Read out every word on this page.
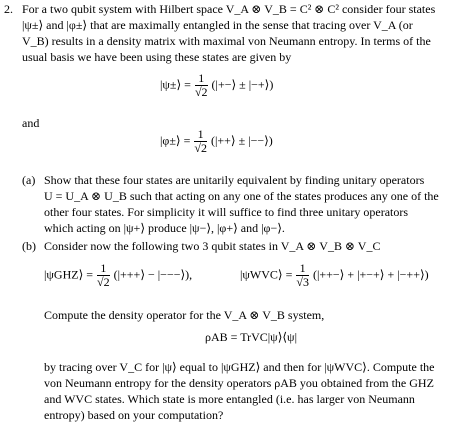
2. For a two qubit system with Hilbert space V_A ⊗ V_B = C² ⊗ C² consider four states
|ψ±⟩ and |φ±⟩ that are maximally entangled in the sense that tracing over V_A (or
V_B) results in a density matrix with maximal von Neumann entropy. In terms of the
usual basis we have been using these states are given by
|ψ±⟩ = $\frac{1}{√2}$ (|+−⟩ ± |−+⟩)
and
|φ±⟩ = $\frac{1}{√2}$ (|++⟩ ± |−−⟩)
(a) Show that these four states are unitarily equivalent by finding unitary operators
U = U_A ⊗ U_B such that acting on any one of the states produces any one of the
other four states. For simplicity it will suffice to find three unitary operators
which acting on |ψ+⟩ produce |ψ−⟩, |φ+⟩ and |φ−⟩.
(b) Consider now the following two 3 qubit states in V_A ⊗ V_B ⊗ V_C
|ψGHZ⟩ = $\frac{1}{√2}$ (|+++⟩ − |−−−⟩),	|ψWVC⟩ = $\frac{1}{√3}$ (|++−⟩ + |+−+⟩ + |−++⟩)
Compute the density operator for the V_A ⊗ V_B system,
ρAB = TrVC|ψ⟩⟨ψ|
by tracing over V_C for |ψ⟩ equal to |ψGHZ⟩ and then for |ψWVC⟩. Compute the
von Neumann entropy for the density operators ρAB you obtained from the GHZ
and WVC states. Which state is more entangled (i.e. has larger von Neumann
entropy) based on your computation?
